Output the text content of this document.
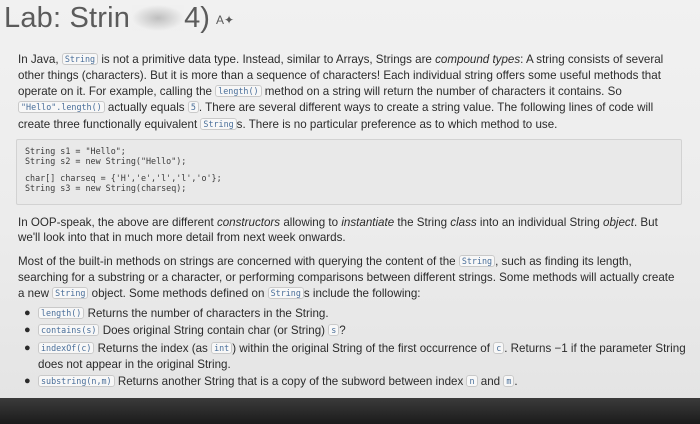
Lab: Strin 4) A✦

In Java, String is not a primitive data type. Instead, similar to Arrays, Strings are compound types: A string consists of several other things (characters). But it is more than a sequence of characters! Each individual string offers some useful methods that operate on it. For example, calling the length() method on a string will return the number of characters it contains. So "Hello".length() actually equals 5 . There are several different ways to create a string value. The following lines of code will create three functionally equivalent String s. There is no particular preference as to which method to use.

String s1 = "Hello";
String s2 = new String("Hello");
char[] charseq = {'H','e','l','l','o'};
String s3 = new String(charseq);

In OOP-speak, the above are different constructors allowing to instantiate the String class into an individual String object. But we'll look into that in much more detail from next week onwards.

Most of the built-in methods on strings are concerned with querying the content of the String , such as finding its length, searching for a substring or a character, or performing comparisons between different strings. Some methods will actually create a new String object. Some methods defined on String s include the following:

● length() Returns the number of characters in the String.
● contains(s) Does original String contain char (or String) s ?
● indexOf(c) Returns the index (as int ) within the original String of the first occurrence of c . Returns −1 if the parameter String does not appear in the original String.
● substring(n,m) Returns another String that is a copy of the subword between index n and m .
